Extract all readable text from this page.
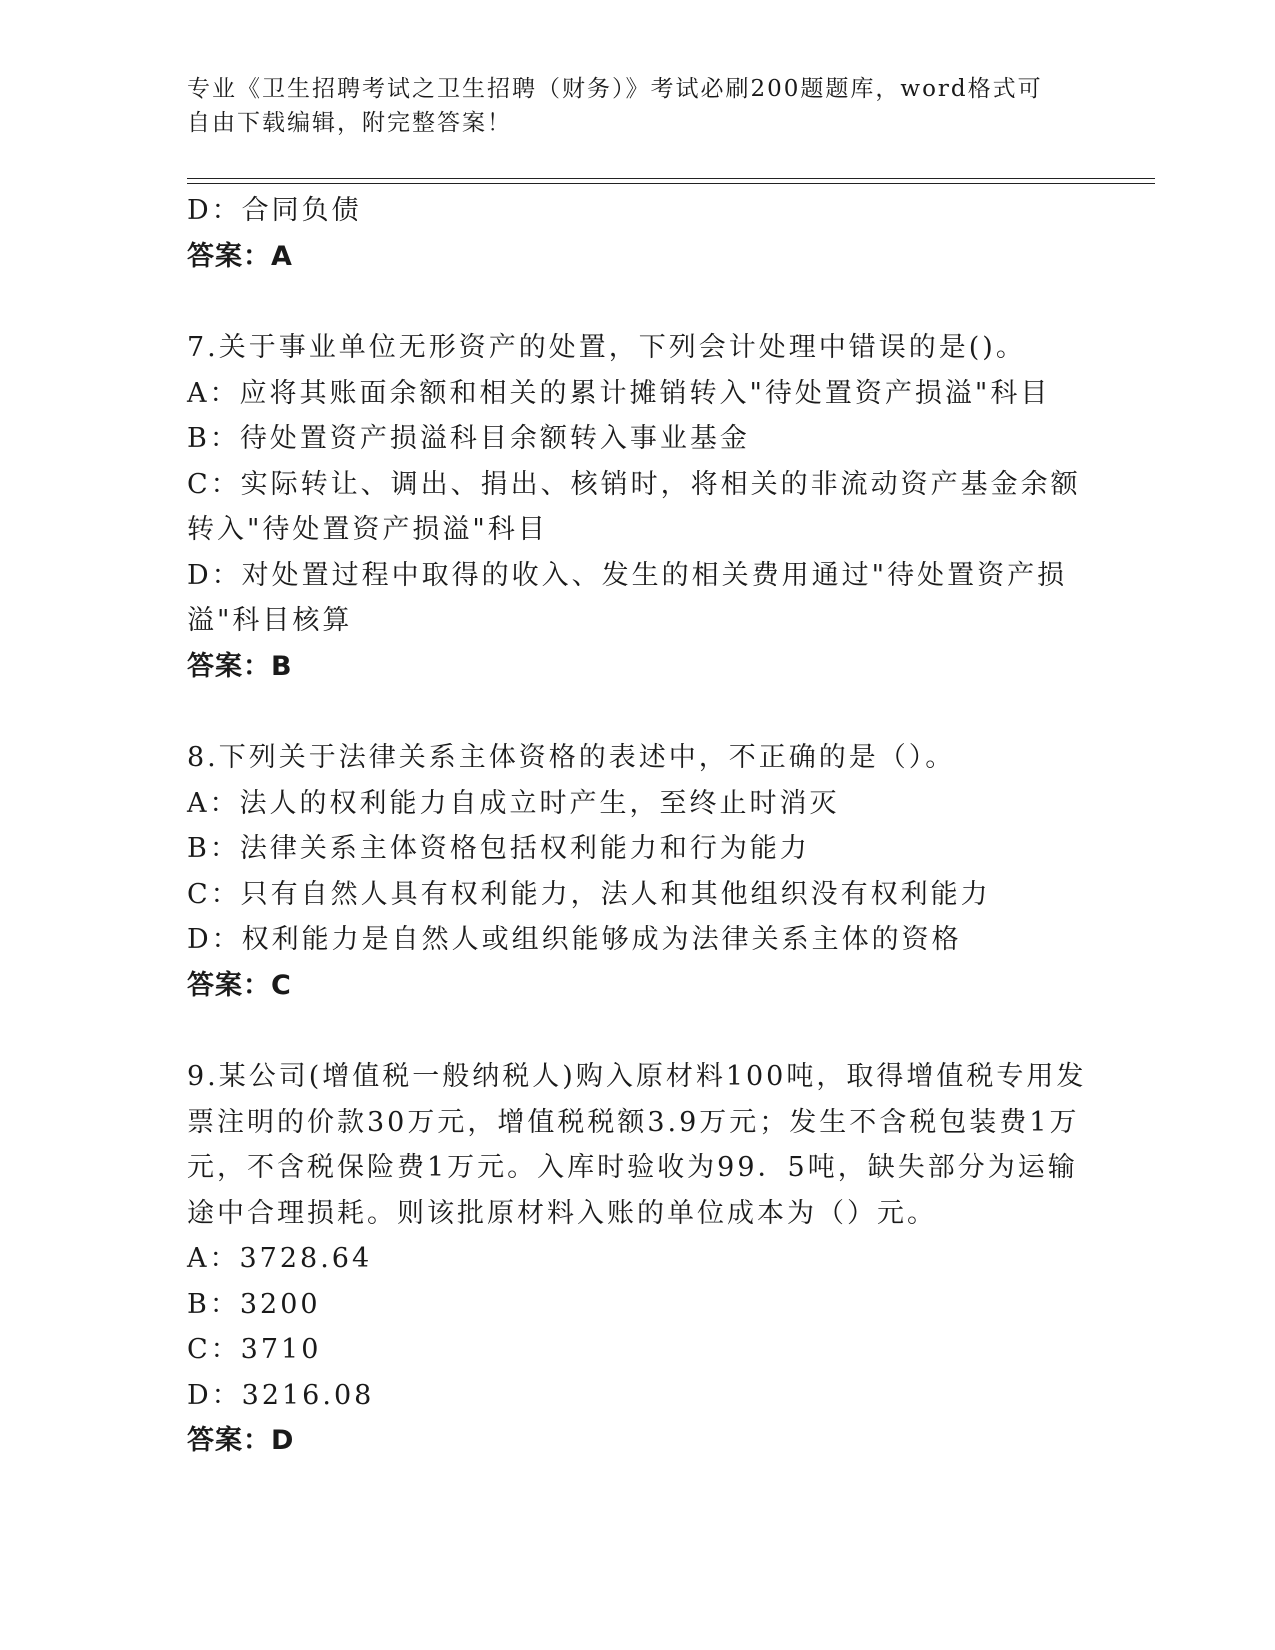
专业《卫生招聘考试之卫生招聘（财务）》考试必刷200题题库，word格式可自由下载编辑，附完整答案！

D：合同负债

答案：A

7.关于事业单位无形资产的处置，下列会计处理中错误的是()。

A：应将其账面余额和相关的累计摊销转入"待处置资产损溢"科目

B：待处置资产损溢科目余额转入事业基金

C：实际转让、调出、捐出、核销时，将相关的非流动资产基金余额转入"待处置资产损溢"科目

D：对处置过程中取得的收入、发生的相关费用通过"待处置资产损溢"科目核算

答案：B

8.下列关于法律关系主体资格的表述中，不正确的是（）。

A：法人的权利能力自成立时产生，至终止时消灭

B：法律关系主体资格包括权利能力和行为能力

C：只有自然人具有权利能力，法人和其他组织没有权利能力

D：权利能力是自然人或组织能够成为法律关系主体的资格

答案：C

9.某公司(增值税一般纳税人)购入原材料100吨，取得增值税专用发票注明的价款30万元，增值税税额3.9万元；发生不含税包装费1万元，不含税保险费1万元。入库时验收为99．5吨，缺失部分为运输途中合理损耗。则该批原材料入账的单位成本为（）元。

A：3728.64

B：3200

C：3710

D：3216.08

答案：D
